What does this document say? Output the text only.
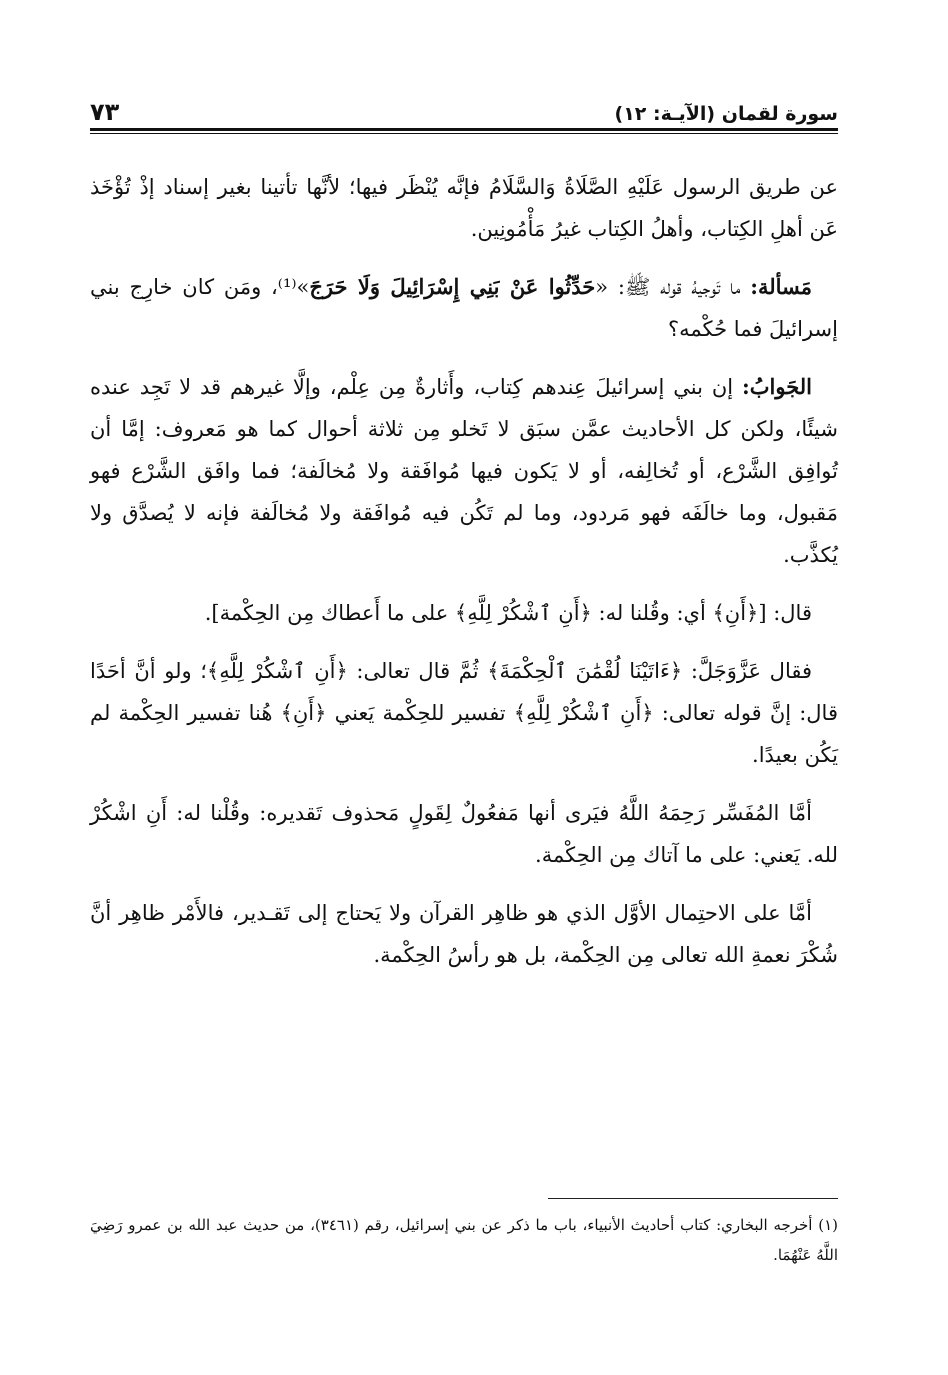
سورة لقمان (الآيـة: ١٢)
٧٣

عن طريق الرسول عَلَيْهِ الصَّلَاةُ وَالسَّلَامُ فإنَّه يُنْظَر فيها؛ لأنَّها تأتينا بغير إسناد إذْ تُؤْخَذ عَن أهلِ الكِتاب، وأهلُ الكِتاب غيرُ مَأْمُونِين.

مَسألة: ما تَوجيهُ قوله ﷺ: «حَدِّثُوا عَنْ بَنِي إِسْرَائِيلَ وَلَا حَرَجَ»⁽¹⁾، ومَن كان خارِج بني إسرائيلَ فما حُكْمه؟

الجَوابُ: إن بني إسرائيلَ عِندهم كِتاب، وأَثارةٌ مِن عِلْم، وإلَّا غيرهم قد لا تَجِد عنده شيئًا، ولكن كل الأحاديث عمَّن سبَق لا تَخلو مِن ثلاثة أحوال كما هو مَعروف: إمَّا أن تُوافِق الشَّرْع، أو تُخالِفه، أو لا يَكون فيها مُوافَقة ولا مُخالَفة؛ فما وافَق الشَّرْع فهو مَقبول، وما خالَفَه فهو مَردود، وما لم تَكُن فيه مُوافَقة ولا مُخالَفة فإنه لا يُصدَّق ولا يُكذَّب.

قال: [﴿أَنِ﴾ أي: وقُلنا له: ﴿أَنِ ٱشْكُرْ لِلَّهِ﴾ على ما أَعطاك مِن الحِكْمة].

فقال عَزَّوَجَلَّ: ﴿ءَاتَيْنَا لُقْمَٰنَ ٱلْحِكْمَةَ﴾ ثُمَّ قال تعالى: ﴿أَنِ ٱشْكُرْ لِلَّهِ﴾؛ ولو أنَّ أحَدًا قال: إنَّ قوله تعالى: ﴿أَنِ ٱشْكُرْ لِلَّهِ﴾ تفسير للحِكْمة يَعني ﴿أَنِ﴾ هُنا تفسير الحِكْمة لم يَكُن بعيدًا.

أمَّا المُفَسِّر رَحِمَهُ اللَّهُ فيَرى أنها مَفعُولٌ لِقَولٍ مَحذوف تَقديره: وقُلْنا له: أَنِ اشْكُرْ لله. يَعني: على ما آتاك مِن الحِكْمة.

أمَّا على الاحتِمال الأوَّل الذي هو ظاهِر القرآن ولا يَحتاج إلى تَقـدير، فالأَمْر ظاهِر أنَّ شُكْرَ نعمةِ الله تعالى مِن الحِكْمة، بل هو رأسُ الحِكْمة.

(١) أخرجه البخاري: كتاب أحاديث الأنبياء، باب ما ذكر عن بني إسرائيل، رقم (٣٤٦١)، من حديث عبد الله بن عمرو رَضِيَ اللَّهُ عَنْهُمَا.
